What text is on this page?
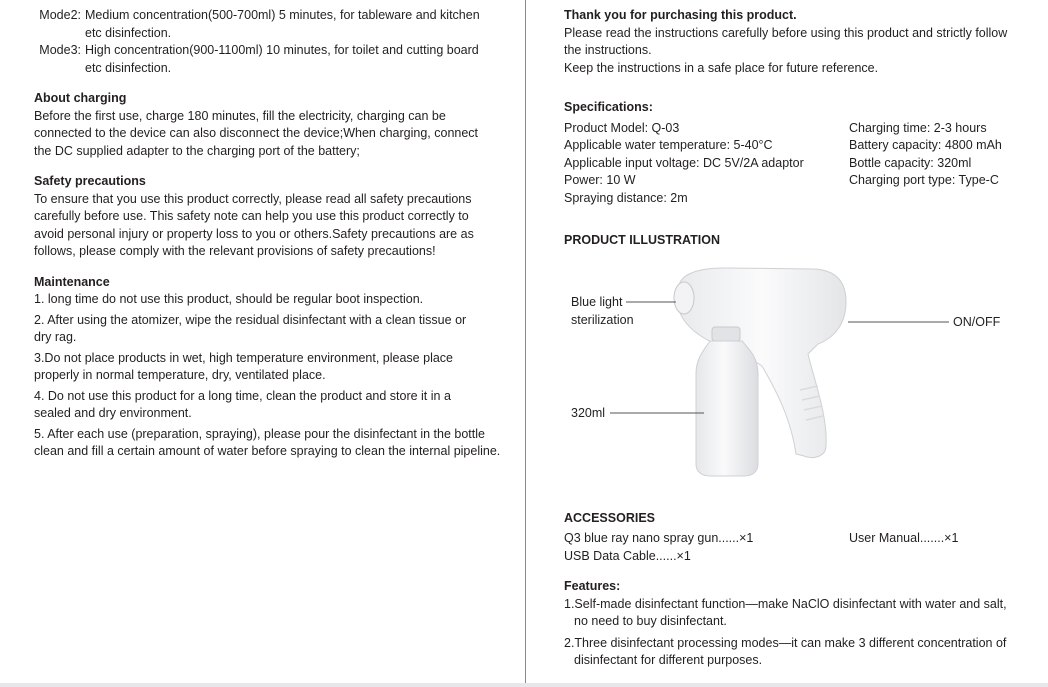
Mode2: Medium concentration(500-700ml) 5 minutes, for tableware and kitchen

etc disinfection.

Mode3: High concentration(900-1100ml) 10 minutes, for toilet and cutting board

etc disinfection.

About charging

Before the first use, charge 180 minutes, fill the electricity, charging can be

connected to the device can also disconnect the device;When charging, connect

the DC supplied adapter to the charging port of the battery;

Safety precautions

To ensure that you use this product correctly, please read all safety precautions

carefully before use. This safety note can help you use this product correctly to

avoid personal injury or property loss to you or others.Safety precautions are as

follows, please comply with the relevant provisions of safety precautions!

Maintenance

1. long time do not use this product, should be regular boot inspection.

2. After using the atomizer, wipe the residual disinfectant with a clean tissue or

dry rag.

3.Do not place products in wet, high temperature environment, please place

properly in normal temperature, dry, ventilated place.

4. Do not use this product for a long time, clean the product and store it in a

sealed and dry environment.

5. After each use (preparation, spraying), please pour the disinfectant in the bottle

clean and fill a certain amount of water before spraying to clean the internal pipeline.

Thank you for purchasing this product.

Please read the instructions carefully before using this product and strictly follow

the instructions.

Keep the instructions in a safe place for future reference.

Specifications:

Product Model: Q-03

Applicable water temperature: 5-40°C

Applicable input voltage: DC 5V/2A adaptor

Power: 10 W

Spraying distance: 2m

Charging time: 2-3 hours

Battery capacity: 4800 mAh

Bottle capacity: 320ml

Charging port type: Type-C

PRODUCT ILLUSTRATION
Blue light
sterilization	ON/OFF
320ml
ACCESSORIES

Q3 blue ray nano spray gun......×1	User Manual.......×1

USB Data Cable......×1

Features:

1.Self-made disinfectant function—make NaClO disinfectant with water and salt,

no need to buy disinfectant.

2.Three disinfectant processing modes—it can make 3 different concentration of

disinfectant for different purposes.
